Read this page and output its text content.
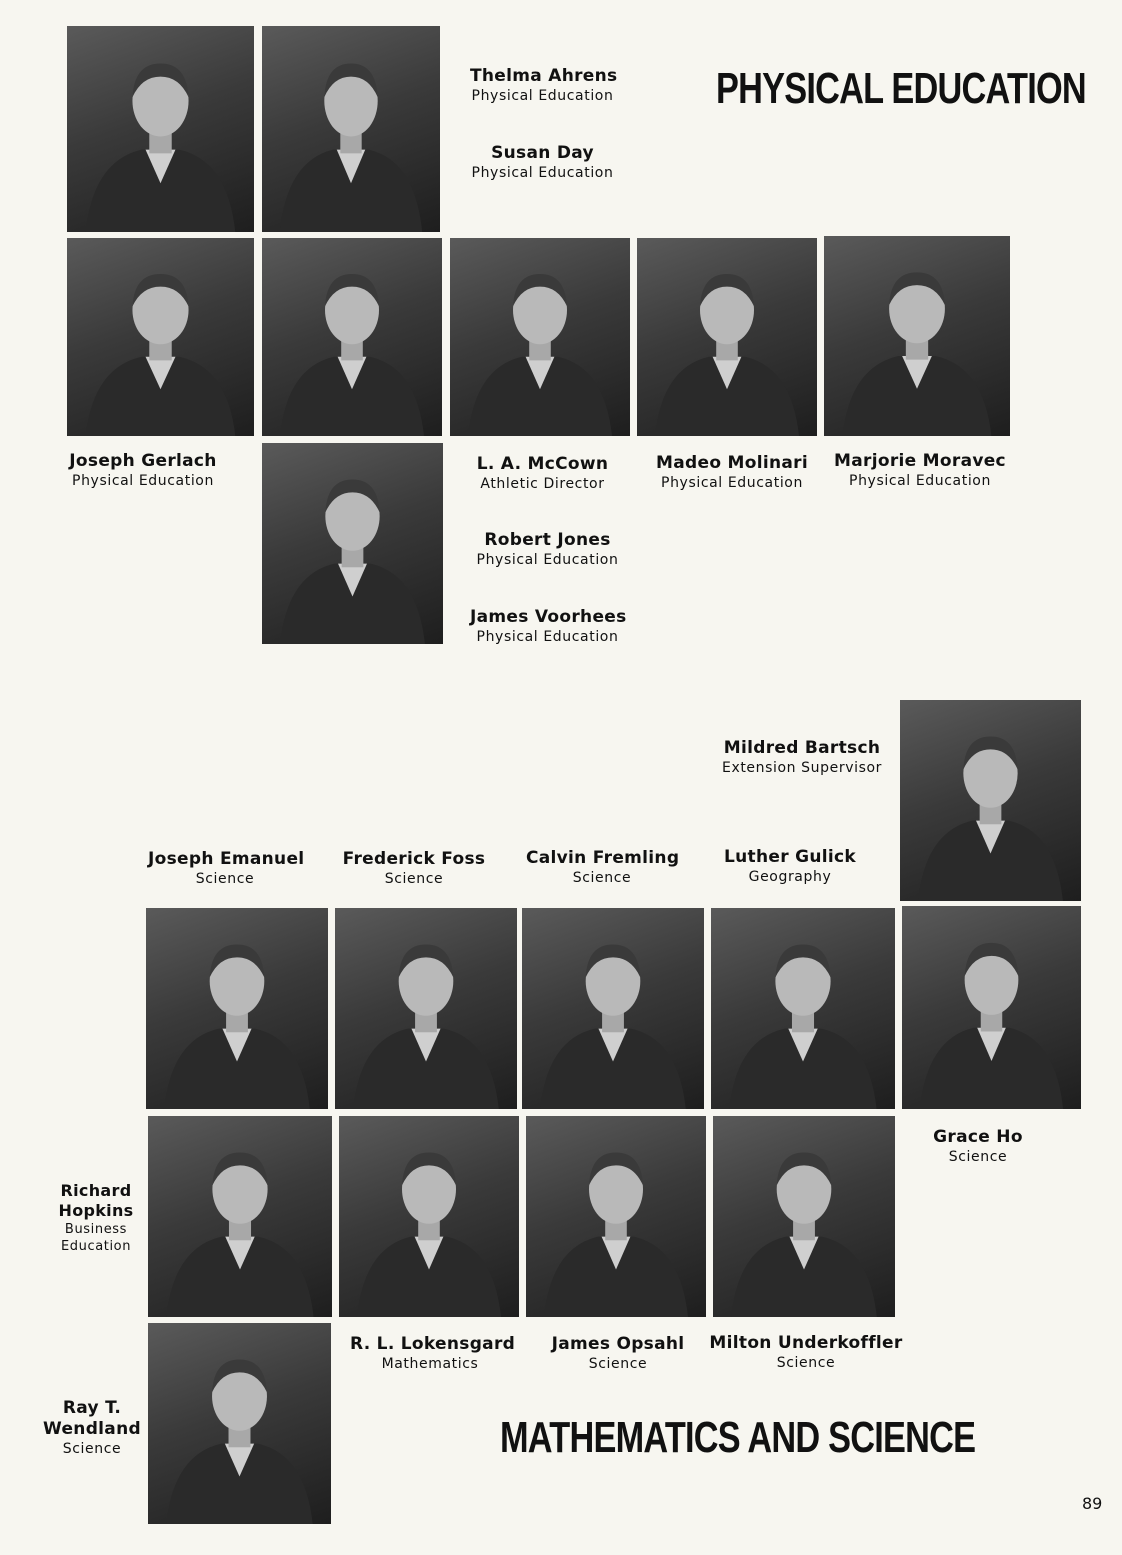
PHYSICAL EDUCATION
Thelma Ahrens
Physical Education
Susan Day
Physical Education
Joseph Gerlach
Physical Education
L. A. McCown
Athletic Director
Madeo Molinari
Physical Education
Marjorie Moravec
Physical Education
Robert Jones
Physical Education
James Voorhees
Physical Education
Mildred Bartsch
Extension Supervisor
Joseph Emanuel
Science
Frederick Foss
Science
Calvin Fremling
Science
Luther Gulick
Geography
Grace Ho
Science
Richard
Hopkins
Business
Education
R. L. Lokensgard
Mathematics
James Opsahl
Science
Milton Underkoffler
Science
Ray T.
Wendland
Science	MATHEMATICS AND SCIENCE
89
